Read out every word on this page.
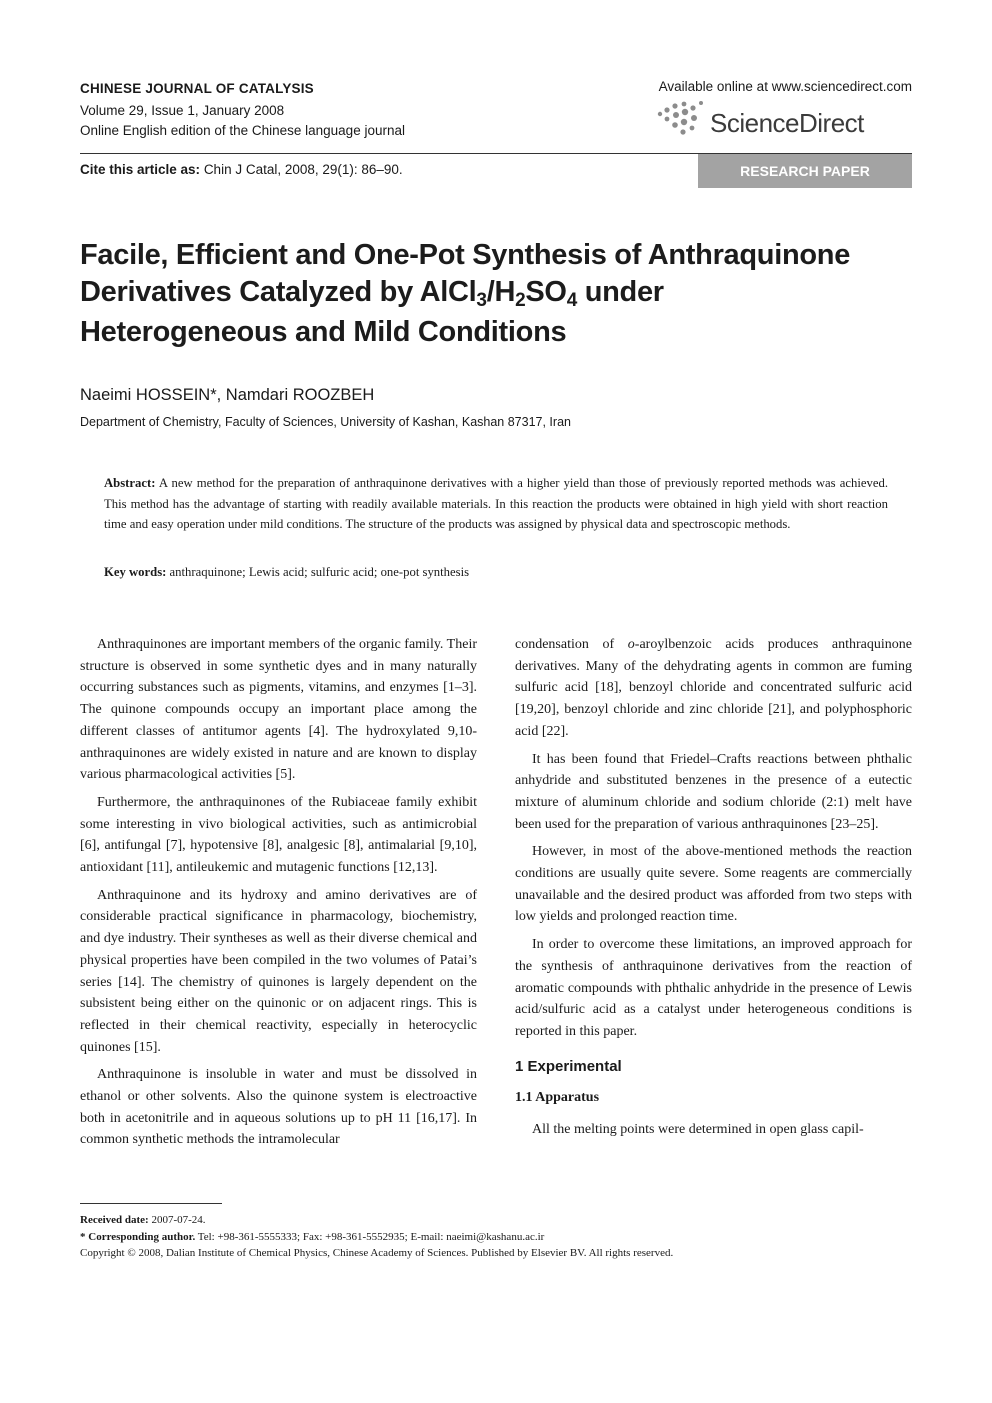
CHINESE JOURNAL OF CATALYSIS
Volume 29, Issue 1, January 2008
Online English edition of the Chinese language journal
Available online at www.sciencedirect.com
ScienceDirect
Cite this article as: Chin J Catal, 2008, 29(1): 86–90.	RESEARCH PAPER
Facile, Efficient and One-Pot Synthesis of Anthraquinone
Derivatives Catalyzed by $AlCl_3/H_2SO_4$ under
Heterogeneous and Mild Conditions
Naeimi HOSSEIN*, Namdari ROOZBEH
Department of Chemistry, Faculty of Sciences, University of Kashan, Kashan 87317, Iran
Abstract: A new method for the preparation of anthraquinone derivatives with a higher yield than those of previously reported methods was achieved. This method has the advantage of starting with readily available materials. In this reaction the products were obtained in high yield with short reaction time and easy operation under mild conditions. The structure of the products was assigned by physical data and spectroscopic methods.
Key words: anthraquinone; Lewis acid; sulfuric acid; one-pot synthesis

Anthraquinones are important members of the organic family. Their structure is observed in some synthetic dyes and in many naturally occurring substances such as pigments, vitamins, and enzymes [1–3]. The quinone compounds occupy an important place among the different classes of antitumor agents [4]. The hydroxylated 9,10-anthraquinones are widely existed in nature and are known to display various pharmacological activities [5].

Furthermore, the anthraquinones of the Rubiaceae family exhibit some interesting in vivo biological activities, such as antimicrobial [6], antifungal [7], hypotensive [8], analgesic [8], antimalarial [9,10], antioxidant [11], antileukemic and mutagenic functions [12,13].

Anthraquinone and its hydroxy and amino derivatives are of considerable practical significance in pharmacology, biochemistry, and dye industry. Their syntheses as well as their diverse chemical and physical properties have been compiled in the two volumes of Patai’s series [14]. The chemistry of quinones is largely dependent on the subsistent being either on the quinonic or on adjacent rings. This is reflected in their chemical reactivity, especially in heterocyclic quinones [15].

Anthraquinone is insoluble in water and must be dissolved in ethanol or other solvents. Also the quinone system is electroactive both in acetonitrile and in aqueous solutions up to pH 11 [16,17]. In common synthetic methods the intramolecular

condensation of o-aroylbenzoic acids produces anthraquinone derivatives. Many of the dehydrating agents in common are fuming sulfuric acid [18], benzoyl chloride and concentrated sulfuric acid [19,20], benzoyl chloride and zinc chloride [21], and polyphosphoric acid [22].

It has been found that Friedel–Crafts reactions between phthalic anhydride and substituted benzenes in the presence of a eutectic mixture of aluminum chloride and sodium chloride (2:1) melt have been used for the preparation of various anthraquinones [23–25].

However, in most of the above-mentioned methods the reaction conditions are usually quite severe. Some reagents are commercially unavailable and the desired product was afforded from two steps with low yields and prolonged reaction time.

In order to overcome these limitations, an improved approach for the synthesis of anthraquinone derivatives from the reaction of aromatic compounds with phthalic anhydride in the presence of Lewis acid/sulfuric acid as a catalyst under heterogeneous conditions is reported in this paper.

1 Experimental
1.1 Apparatus

All the melting points were determined in open glass capil-

Received date: 2007-07-24.
* Corresponding author. Tel: +98-361-5555333; Fax: +98-361-5552935; E-mail: naeimi@kashanu.ac.ir
Copyright © 2008, Dalian Institute of Chemical Physics, Chinese Academy of Sciences. Published by Elsevier BV. All rights reserved.
